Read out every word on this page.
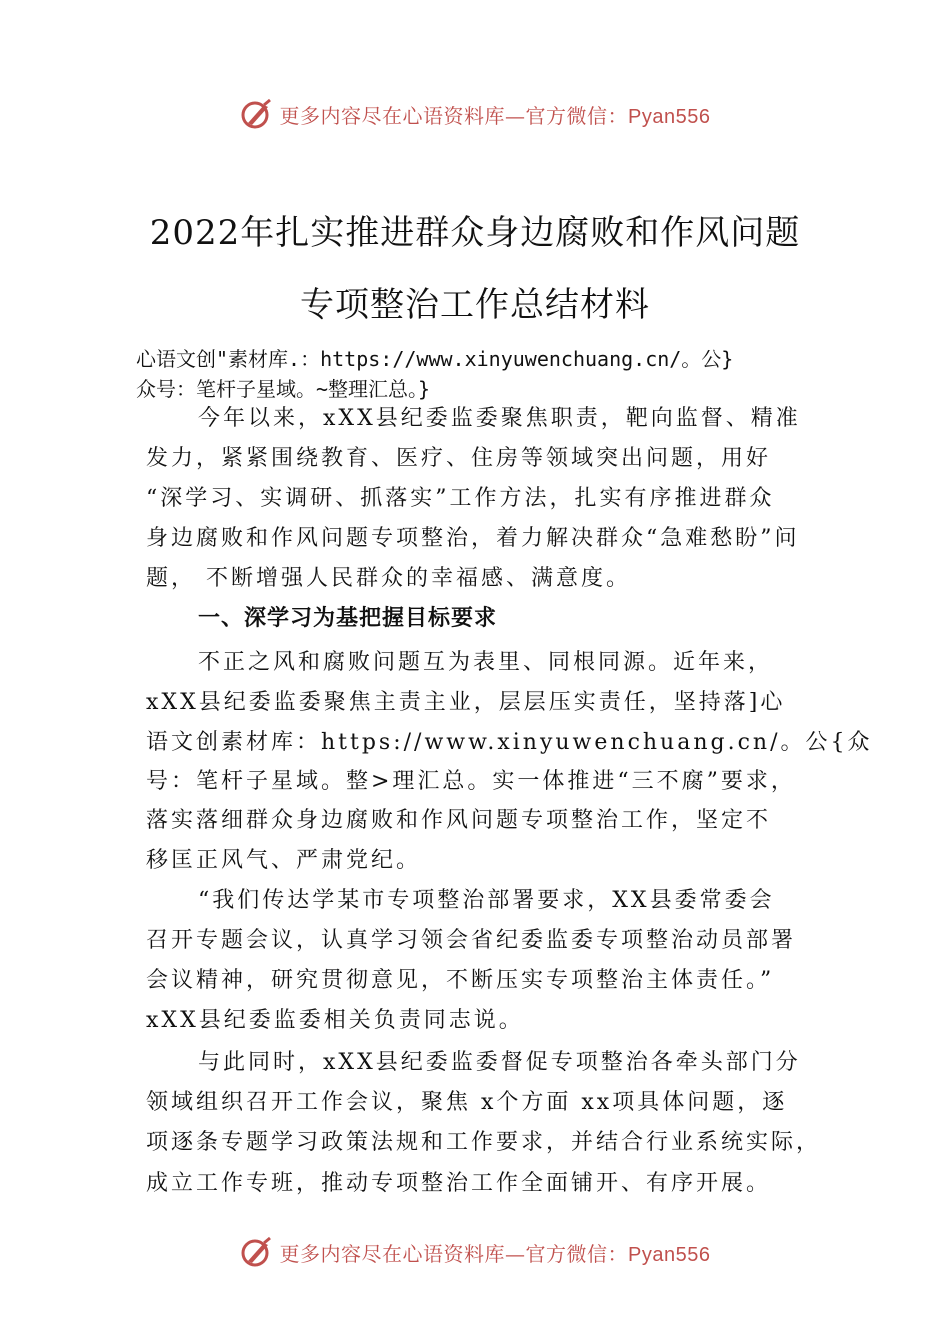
更多内容尽在心语资料库—官方微信：Pyan556
2022年扎实推进群众身边腐败和作风问题
专项整治工作总结材料
心语文创"素材库.：https://www.xinyuwenchuang.cn/。公}
众号：笔杆子星域。~整理汇总。}
今年以来，xXX县纪委监委聚焦职责，靶向监督、精准
发力，紧紧围绕教育、医疗、住房等领域突出问题，用好
“深学习、实调研、抓落实”工作方法，扎实有序推进群众
身边腐败和作风问题专项整治，着力解决群众“急难愁盼”问
题， 不断增强人民群众的幸福感、满意度。
一、深学习为基把握目标要求
不正之风和腐败问题互为表里、同根同源。近年来，
xXX县纪委监委聚焦主责主业，层层压实责任，坚持落]心
语文创素材库：https://www.xinyuwenchuang.cn/。公{众
号：笔杆子星域。整>理汇总。实一体推进“三不腐”要求，
落实落细群众身边腐败和作风问题专项整治工作，坚定不
移匡正风气、严肃党纪。
“我们传达学某市专项整治部署要求，XX县委常委会
召开专题会议，认真学习领会省纪委监委专项整治动员部署
会议精神，研究贯彻意见，不断压实专项整治主体责任。”
xXX县纪委监委相关负责同志说。
与此同时，xXX县纪委监委督促专项整治各牵头部门分
领域组织召开工作会议，聚焦 x个方面 xx项具体问题，逐
项逐条专题学习政策法规和工作要求，并结合行业系统实际，
成立工作专班，推动专项整治工作全面铺开、有序开展。
更多内容尽在心语资料库—官方微信：Pyan556
